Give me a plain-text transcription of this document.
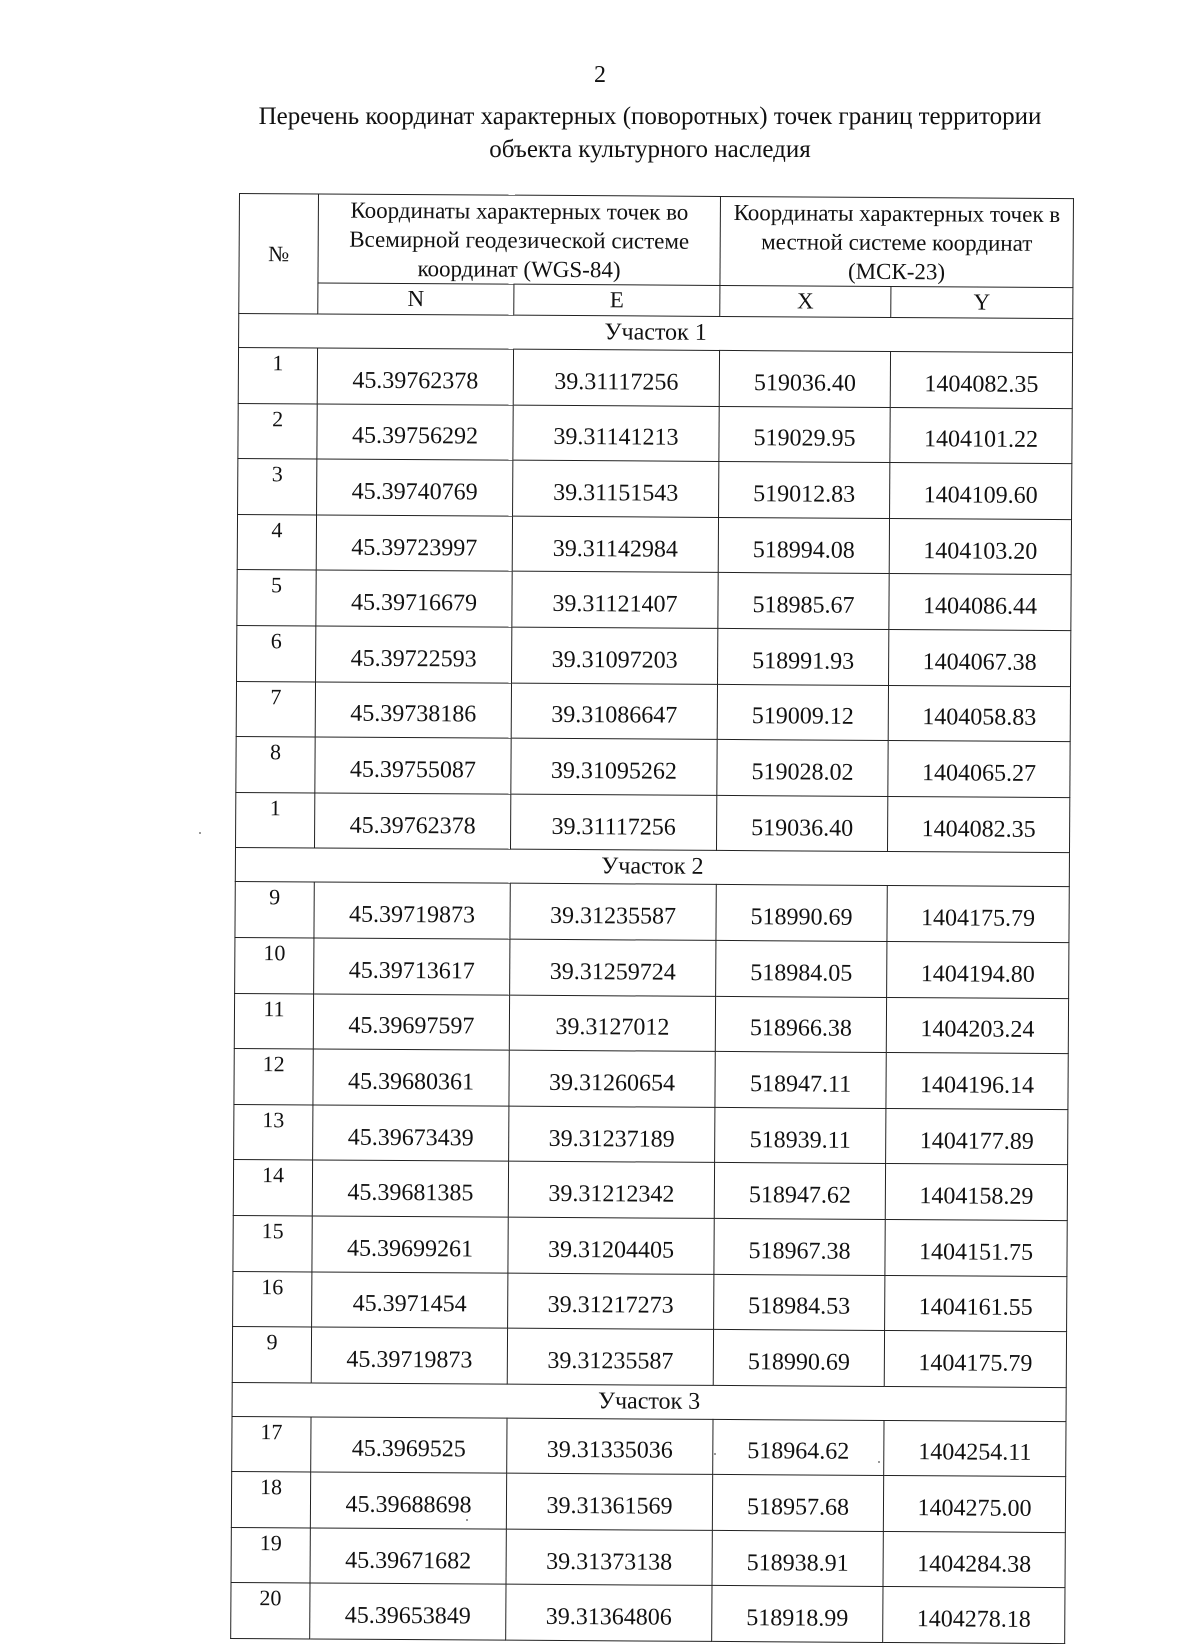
2
Перечень координат характерных (поворотных) точек границ территории
объекта культурного наследия
№	Координаты характерных точек во Всемирной геодезической системе координат (WGS-84)		Координаты характерных точек в местной системе координат (МСК-23)	
	N	E	X	Y
Участок 1				
1	45.39762378	39.31117256	519036.40	1404082.35
2	45.39756292	39.31141213	519029.95	1404101.22
3	45.39740769	39.31151543	519012.83	1404109.60
4	45.39723997	39.31142984	518994.08	1404103.20
5	45.39716679	39.31121407	518985.67	1404086.44
6	45.39722593	39.31097203	518991.93	1404067.38
7	45.39738186	39.31086647	519009.12	1404058.83
8	45.39755087	39.31095262	519028.02	1404065.27
1	45.39762378	39.31117256	519036.40	1404082.35
Участок 2				
9	45.39719873	39.31235587	518990.69	1404175.79
10	45.39713617	39.31259724	518984.05	1404194.80
11	45.39697597	39.3127012	518966.38	1404203.24
12	45.39680361	39.31260654	518947.11	1404196.14
13	45.39673439	39.31237189	518939.11	1404177.89
14	45.39681385	39.31212342	518947.62	1404158.29
15	45.39699261	39.31204405	518967.38	1404151.75
16	45.3971454	39.31217273	518984.53	1404161.55
9	45.39719873	39.31235587	518990.69	1404175.79
Участок 3				
17	45.3969525	39.31335036	518964.62	1404254.11
18	45.39688698	39.31361569	518957.68	1404275.00
19	45.39671682	39.31373138	518938.91	1404284.38
20	45.39653849	39.31364806	518918.99	1404278.18
